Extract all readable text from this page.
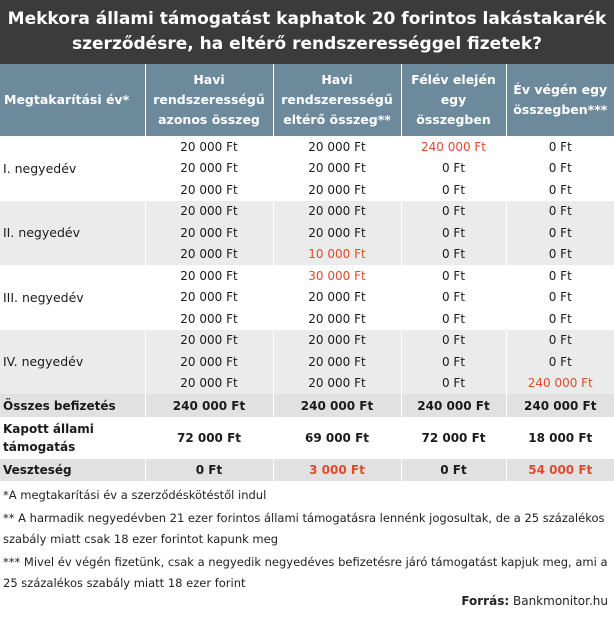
Mekkora állami támogatást kaphatok 20 forintos lakástakarék szerződésre, ha eltérő rendszerességgel fizetek?
Megtakarítási év*	Havi rendszerességű azonos összeg	Havi rendszerességű eltérő összeg**	Félév elején egy összegben	Év végén egy összegben***
I. negyedév	20 000 Ft	20 000 Ft	240 000 Ft	0 Ft
	20 000 Ft	20 000 Ft	0 Ft	0 Ft
	20 000 Ft	20 000 Ft	0 Ft	0 Ft
II. negyedév	20 000 Ft	20 000 Ft	0 Ft	0 Ft
	20 000 Ft	20 000 Ft	0 Ft	0 Ft
	20 000 Ft	10 000 Ft	0 Ft	0 Ft
III. negyedév	20 000 Ft	30 000 Ft	0 Ft	0 Ft
	20 000 Ft	20 000 Ft	0 Ft	0 Ft
	20 000 Ft	20 000 Ft	0 Ft	0 Ft
IV. negyedév	20 000 Ft	20 000 Ft	0 Ft	0 Ft
	20 000 Ft	20 000 Ft	0 Ft	0 Ft
	20 000 Ft	20 000 Ft	0 Ft	240 000 Ft
Összes befizetés	240 000 Ft	240 000 Ft	240 000 Ft	240 000 Ft
Kapott állami támogatás	72 000 Ft	69 000 Ft	72 000 Ft	18 000 Ft
Veszteség	0 Ft	3 000 Ft	0 Ft	54 000 Ft
*A megtakarítási év a szerződéskötéstől indul
** A harmadik negyedévben 21 ezer forintos állami támogatásra lennénk jogosultak, de a 25 százalékos szabály miatt csak 18 ezer forintot kapunk meg
*** Mivel év végén fizetünk, csak a negyedik negyedéves befizetésre járó támogatást kapjuk meg, ami a 25 százalékos szabály miatt 18 ezer forint
Forrás: Bankmonitor.hu
